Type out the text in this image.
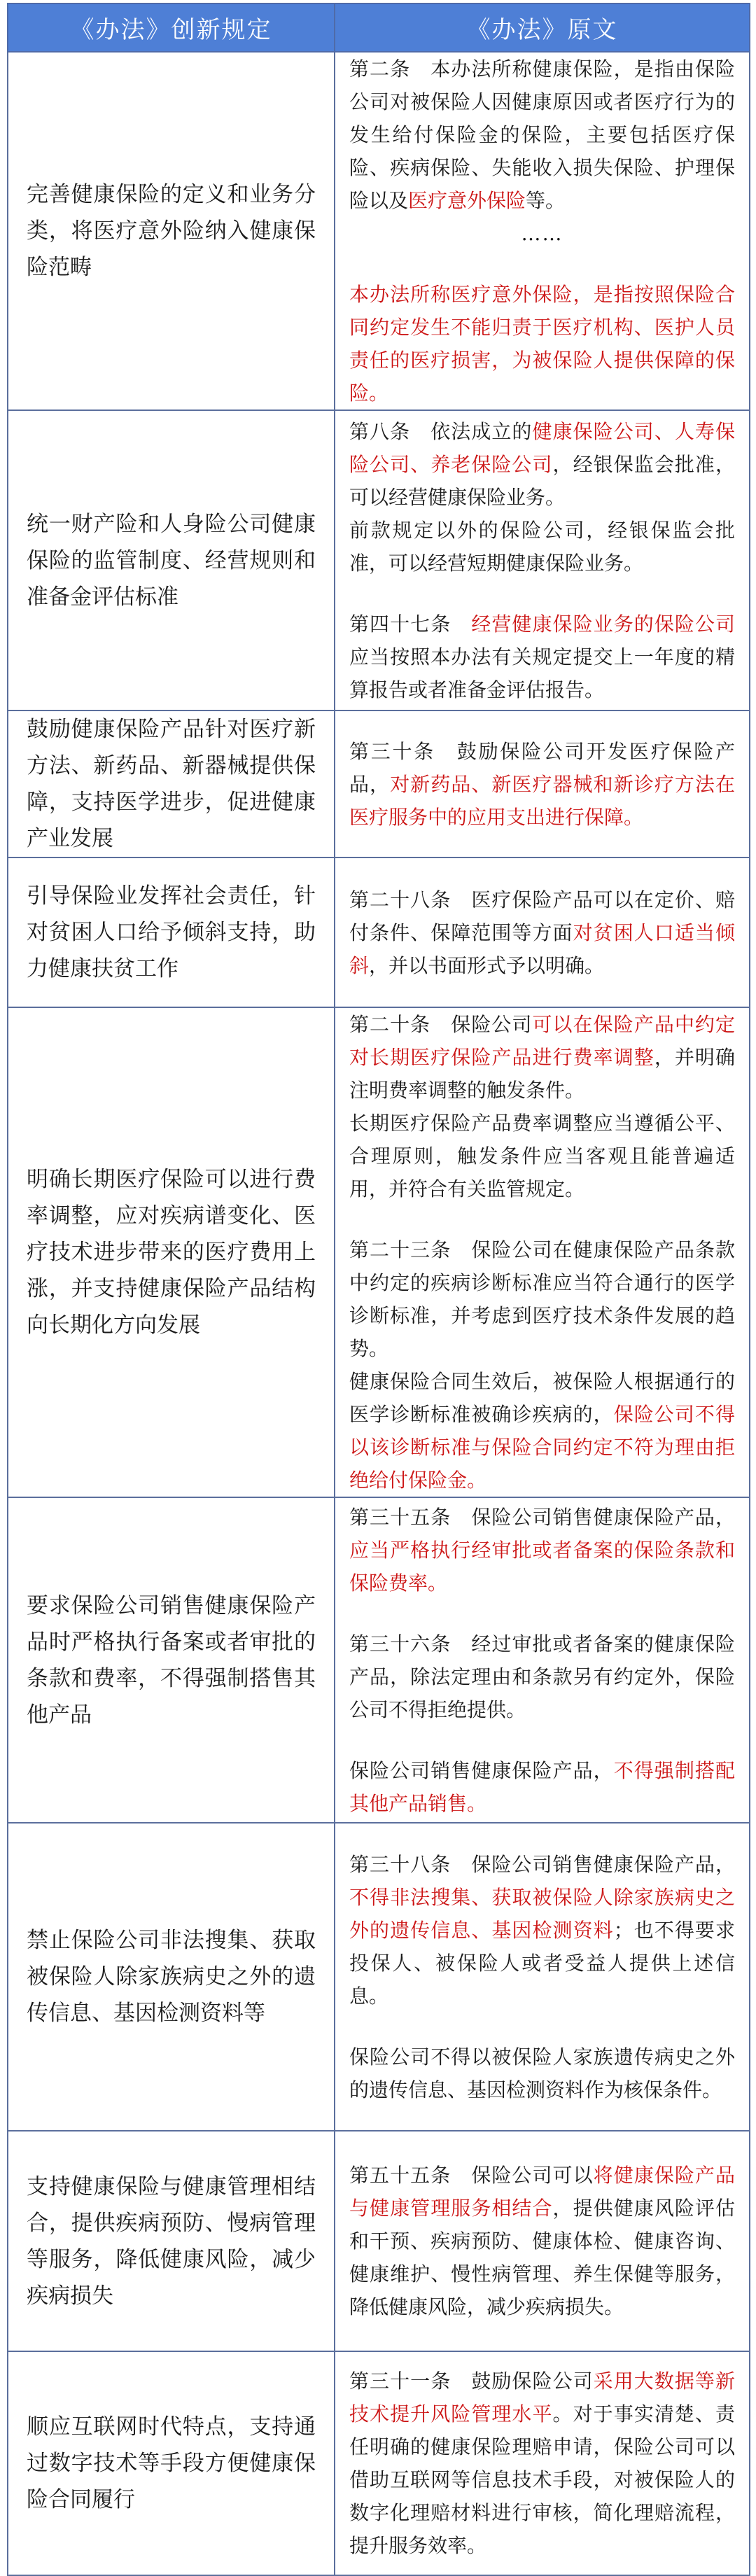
《办法》创新规定	《办法》原文
完善健康保险的定义和业务分类，将医疗意外险纳入健康保险范畴	第二条　本办法所称健康保险，是指由保险公司对被保险人因健康原因或者医疗行为的发生给付保险金的保险，主要包括医疗保险、疾病保险、失能收入损失保险、护理保险以及医疗意外保险等。

……

本办法所称医疗意外保险，是指按照保险合同约定发生不能归责于医疗机构、医护人员责任的医疗损害，为被保险人提供保障的保险。

统一财产险和人身险公司健康保险的监管制度、经营规则和准备金评估标准	第八条　依法成立的健康保险公司、人寿保险公司、养老保险公司，经银保监会批准，可以经营健康保险业务。

前款规定以外的保险公司，经银保监会批准，可以经营短期健康保险业务。

第四十七条　经营健康保险业务的保险公司应当按照本办法有关规定提交上一年度的精算报告或者准备金评估报告。

鼓励健康保险产品针对医疗新方法、新药品、新器械提供保障，支持医学进步，促进健康产业发展	第三十条　鼓励保险公司开发医疗保险产品，对新药品、新医疗器械和新诊疗方法在医疗服务中的应用支出进行保障。

引导保险业发挥社会责任，针对贫困人口给予倾斜支持，助力健康扶贫工作	第二十八条　医疗保险产品可以在定价、赔付条件、保障范围等方面对贫困人口适当倾斜，并以书面形式予以明确。

明确长期医疗保险可以进行费率调整，应对疾病谱变化、医疗技术进步带来的医疗费用上涨，并支持健康保险产品结构向长期化方向发展	第二十条　保险公司可以在保险产品中约定对长期医疗保险产品进行费率调整，并明确注明费率调整的触发条件。

长期医疗保险产品费率调整应当遵循公平、合理原则，触发条件应当客观且能普遍适用，并符合有关监管规定。

第二十三条　保险公司在健康保险产品条款中约定的疾病诊断标准应当符合通行的医学诊断标准，并考虑到医疗技术条件发展的趋势。

健康保险合同生效后，被保险人根据通行的医学诊断标准被确诊疾病的，保险公司不得以该诊断标准与保险合同约定不符为理由拒绝给付保险金。

要求保险公司销售健康保险产品时严格执行备案或者审批的条款和费率，不得强制搭售其他产品	第三十五条　保险公司销售健康保险产品，应当严格执行经审批或者备案的保险条款和保险费率。

第三十六条　经过审批或者备案的健康保险产品，除法定理由和条款另有约定外，保险公司不得拒绝提供。

保险公司销售健康保险产品，不得强制搭配其他产品销售。

禁止保险公司非法搜集、获取被保险人除家族病史之外的遗传信息、基因检测资料等	第三十八条　保险公司销售健康保险产品，不得非法搜集、获取被保险人除家族病史之外的遗传信息、基因检测资料；也不得要求投保人、被保险人或者受益人提供上述信息。

保险公司不得以被保险人家族遗传病史之外的遗传信息、基因检测资料作为核保条件。

支持健康保险与健康管理相结合，提供疾病预防、慢病管理等服务，降低健康风险，减少疾病损失	第五十五条　保险公司可以将健康保险产品与健康管理服务相结合，提供健康风险评估和干预、疾病预防、健康体检、健康咨询、健康维护、慢性病管理、养生保健等服务，降低健康风险，减少疾病损失。

顺应互联网时代特点，支持通过数字技术等手段方便健康保险合同履行	第三十一条　鼓励保险公司采用大数据等新技术提升风险管理水平。对于事实清楚、责任明确的健康保险理赔申请，保险公司可以借助互联网等信息技术手段，对被保险人的数字化理赔材料进行审核，简化理赔流程，提升服务效率。
